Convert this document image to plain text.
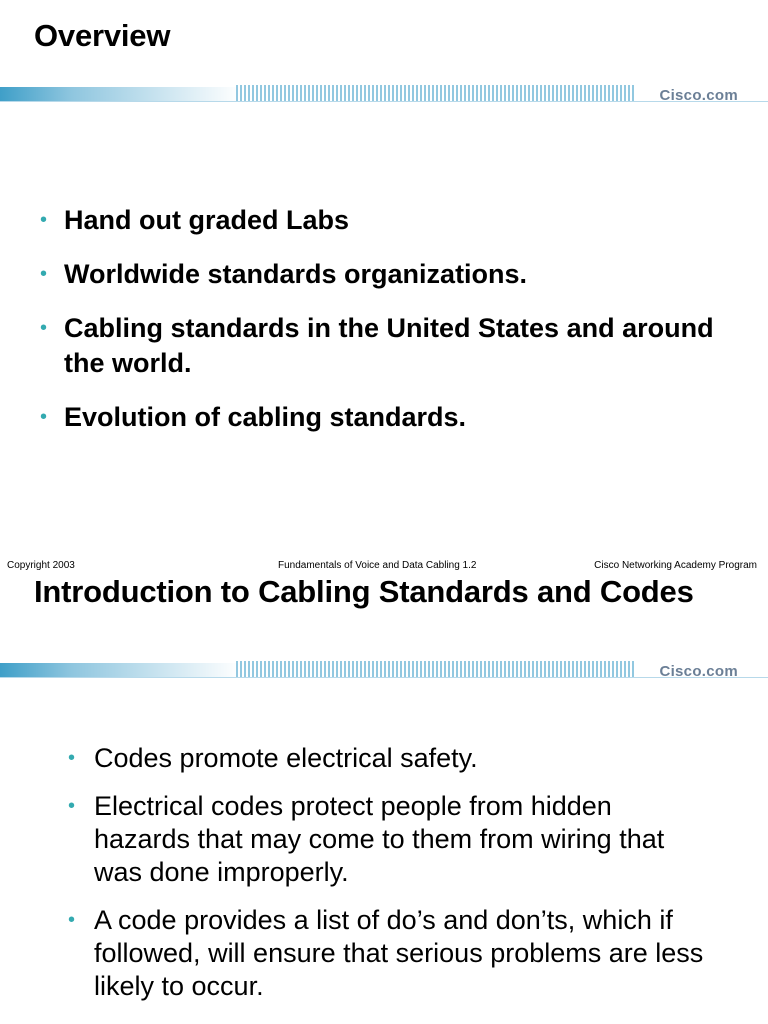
Overview
Cisco.com
• Hand out graded Labs
• Worldwide standards organizations.
• Cabling standards in the United States and around the world.
• Evolution of cabling standards.
Copyright 2003	Fundamentals of Voice and Data Cabling 1.2	Cisco Networking Academy Program
Introduction to Cabling Standards and Codes
Cisco.com
• Codes promote electrical safety.
• Electrical codes protect people from hidden hazards that may come to them from wiring that was done improperly.
• A code provides a list of do’s and don’ts, which if followed, will ensure that serious problems are less likely to occur.
